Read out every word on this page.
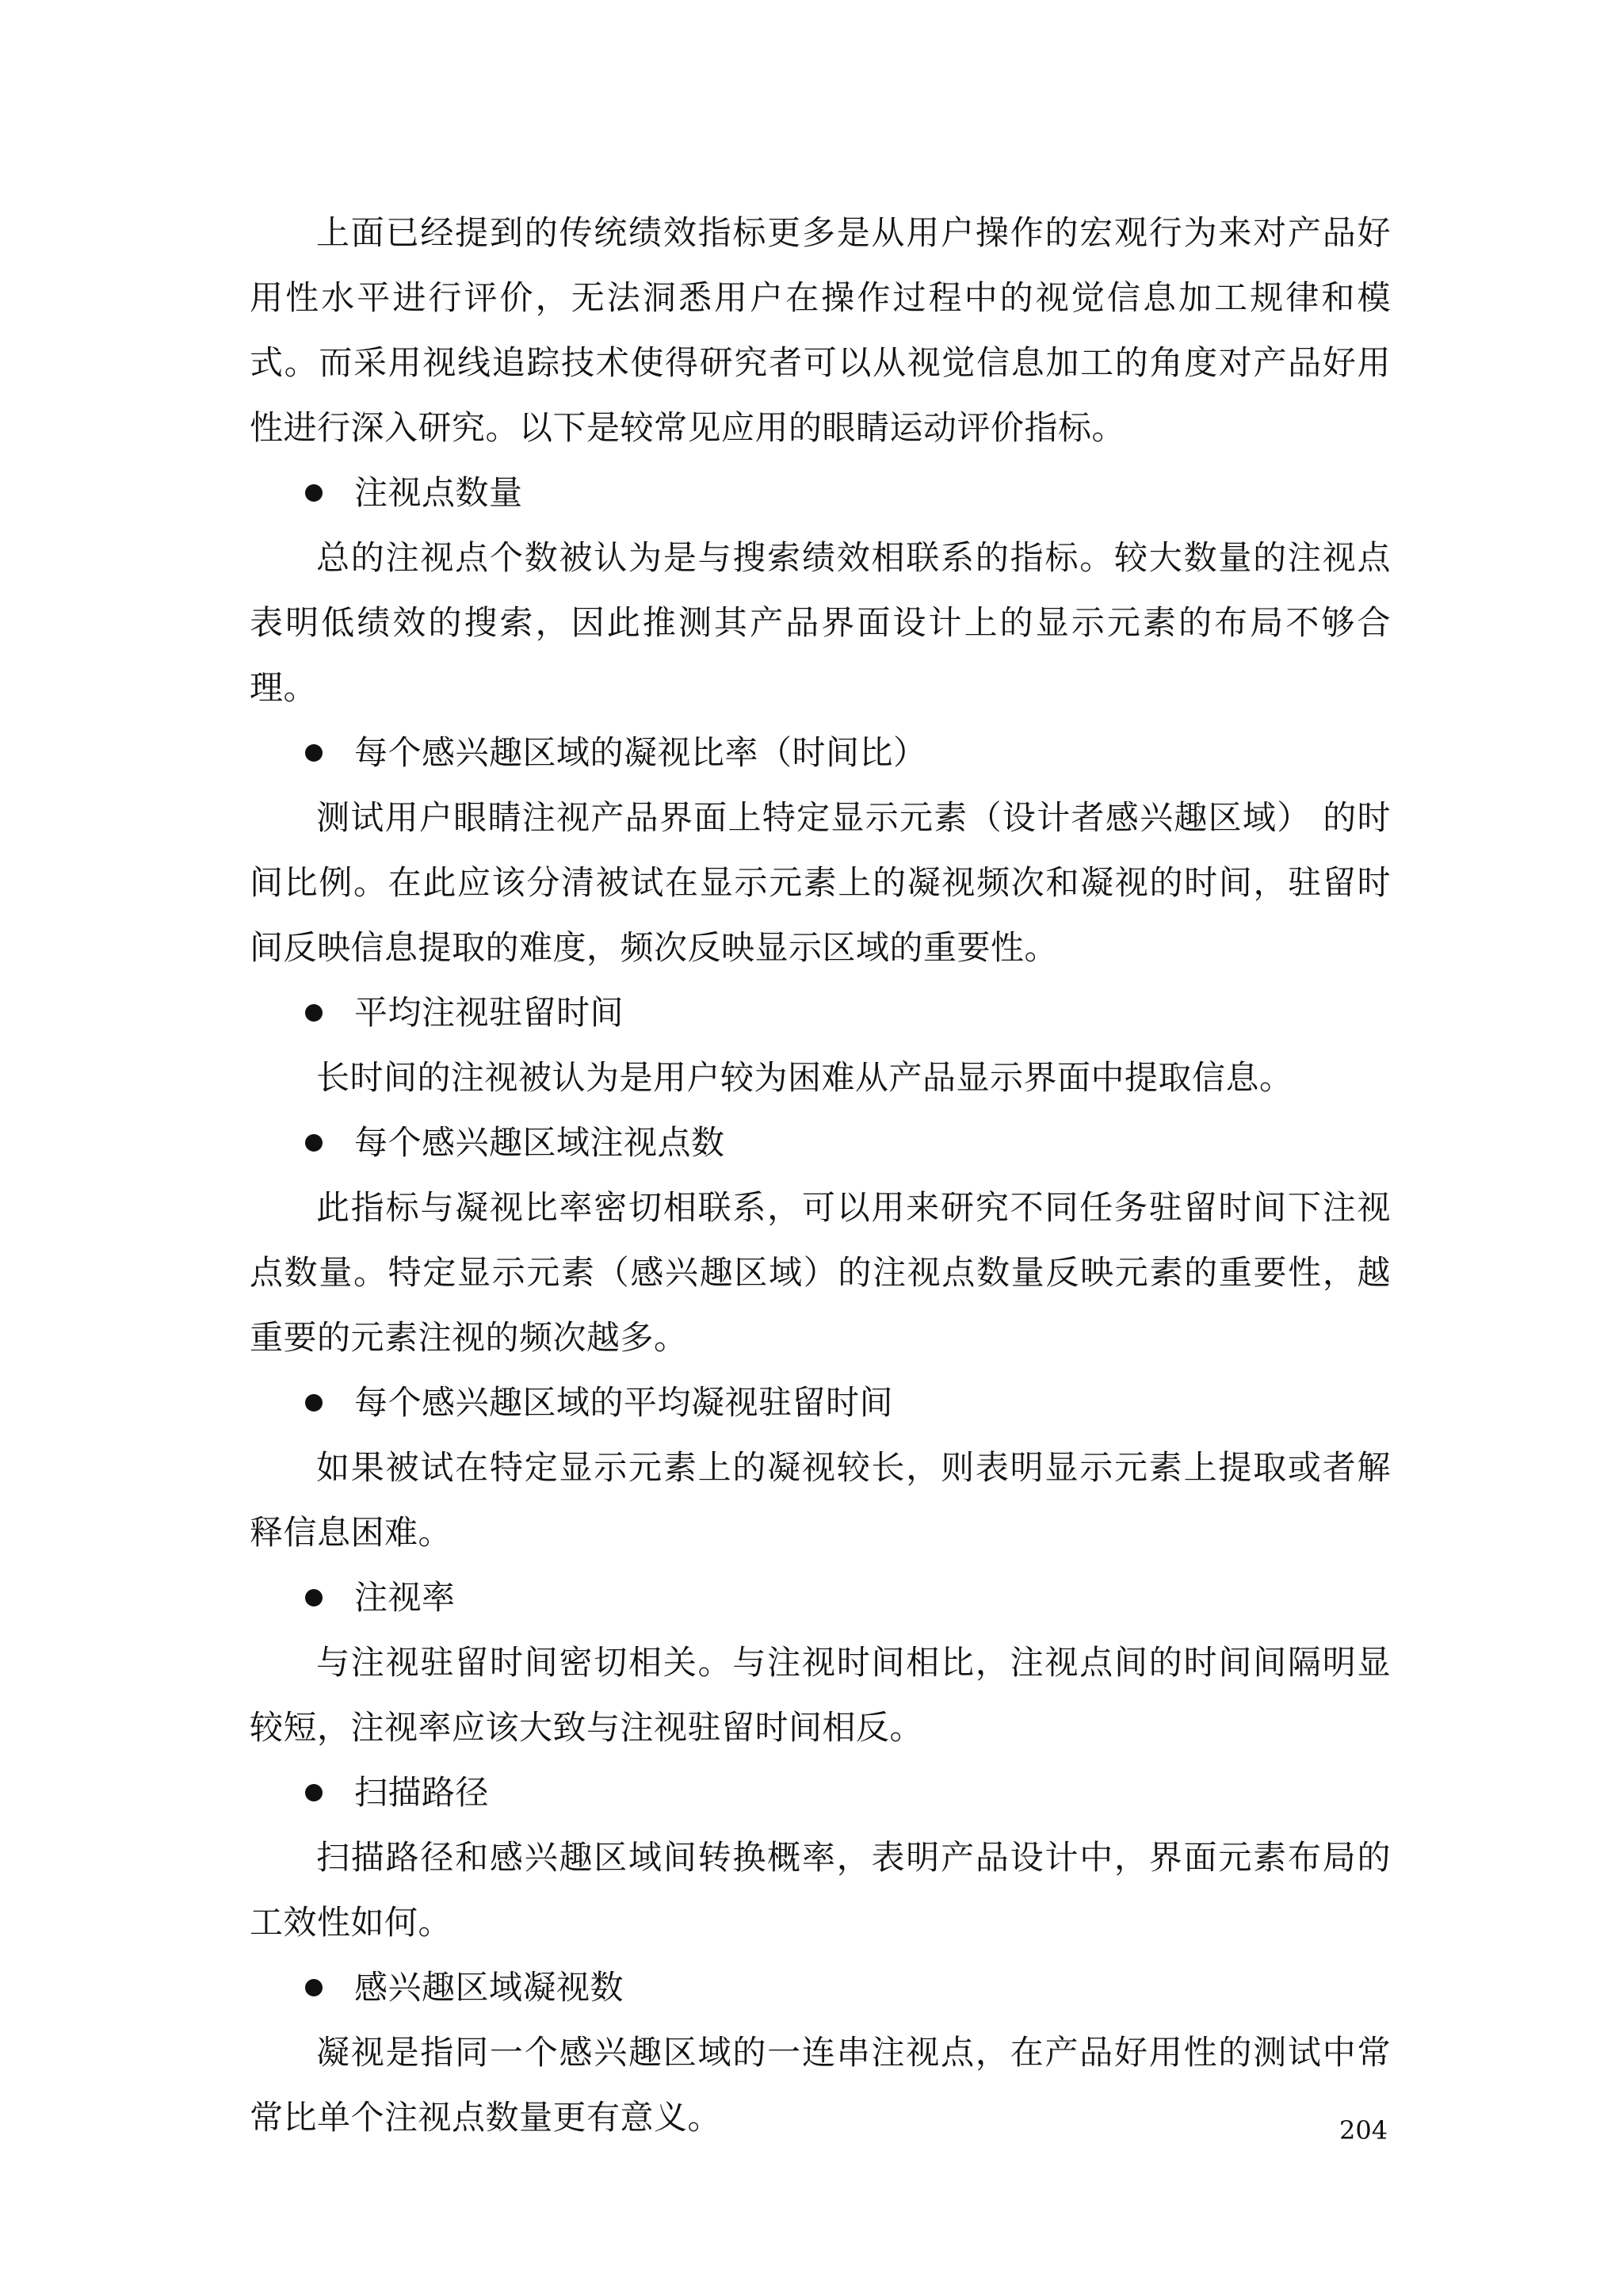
上面已经提到的传统绩效指标更多是从用户操作的宏观行为来对产品好用性水平进行评价，无法洞悉用户在操作过程中的视觉信息加工规律和模式。而采用视线追踪技术使得研究者可以从视觉信息加工的角度对产品好用性进行深入研究。以下是较常见应用的眼睛运动评价指标。

注视点数量

总的注视点个数被认为是与搜索绩效相联系的指标。较大数量的注视点表明低绩效的搜索，因此推测其产品界面设计上的显示元素的布局不够合理。

每个感兴趣区域的凝视比率（时间比）

测试用户眼睛注视产品界面上特定显示元素（设计者感兴趣区域） 的时间比例。在此应该分清被试在显示元素上的凝视频次和凝视的时间，驻留时间反映信息提取的难度，频次反映显示区域的重要性。

平均注视驻留时间

长时间的注视被认为是用户较为困难从产品显示界面中提取信息。

每个感兴趣区域注视点数

此指标与凝视比率密切相联系，可以用来研究不同任务驻留时间下注视点数量。特定显示元素（感兴趣区域）的注视点数量反映元素的重要性，越重要的元素注视的频次越多。

每个感兴趣区域的平均凝视驻留时间

如果被试在特定显示元素上的凝视较长，则表明显示元素上提取或者解释信息困难。

注视率

与注视驻留时间密切相关。与注视时间相比，注视点间的时间间隔明显较短，注视率应该大致与注视驻留时间相反。

扫描路径

扫描路径和感兴趣区域间转换概率，表明产品设计中，界面元素布局的工效性如何。

感兴趣区域凝视数

凝视是指同一个感兴趣区域的一连串注视点，在产品好用性的测试中常常比单个注视点数量更有意义。	204
